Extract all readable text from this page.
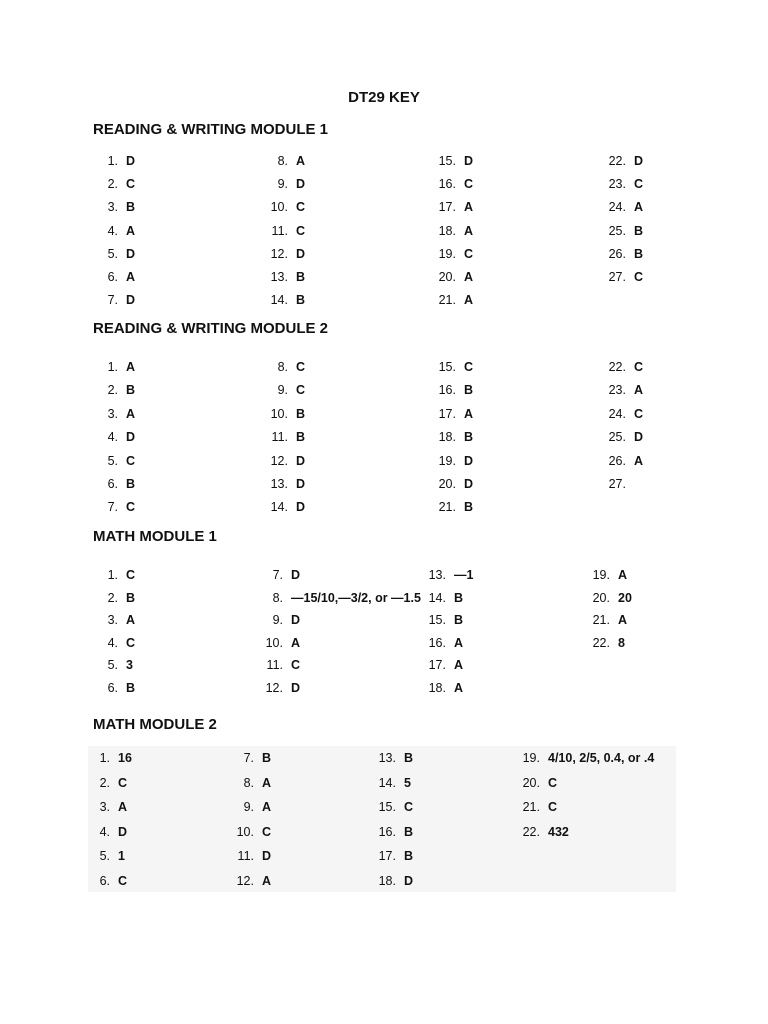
DT29 KEY
READING & WRITING MODULE 1
1. D
2. C
3. B
4. A
5. D
6. A
7. D
8. A
9. D
10. C
11. C
12. D
13. B
14. B
15. D
16. C
17. A
18. A
19. C
20. A
21. A
22. D
23. C
24. A
25. B
26. B
27. C
READING & WRITING MODULE 2
1. A
2. B
3. A
4. D
5. C
6. B
7. C
8. C
9. C
10. B
11. B
12. D
13. D
14. D
15. C
16. B
17. A
18. B
19. D
20. D
21. B
22. C
23. A
24. C
25. D
26. A
27.
MATH MODULE 1
1. C
2. B
3. A
4. C
5. 3
6. B
7. D
8. —15/10,—3/2, or —1.5
9. D
10. A
11. C
12. D
13. —1
14. B
15. B
16. A
17. A
18. A
19. A
20. 20
21. A
22. 8
MATH MODULE 2
1. 16
2. C
3. A
4. D
5. 1
6. C
7. B
8. A
9. A
10. C
11. D
12. A
13. B
14. 5
15. C
16. B
17. B
18. D
19. 4/10, 2/5, 0.4, or .4
20. C
21. C
22. 432
